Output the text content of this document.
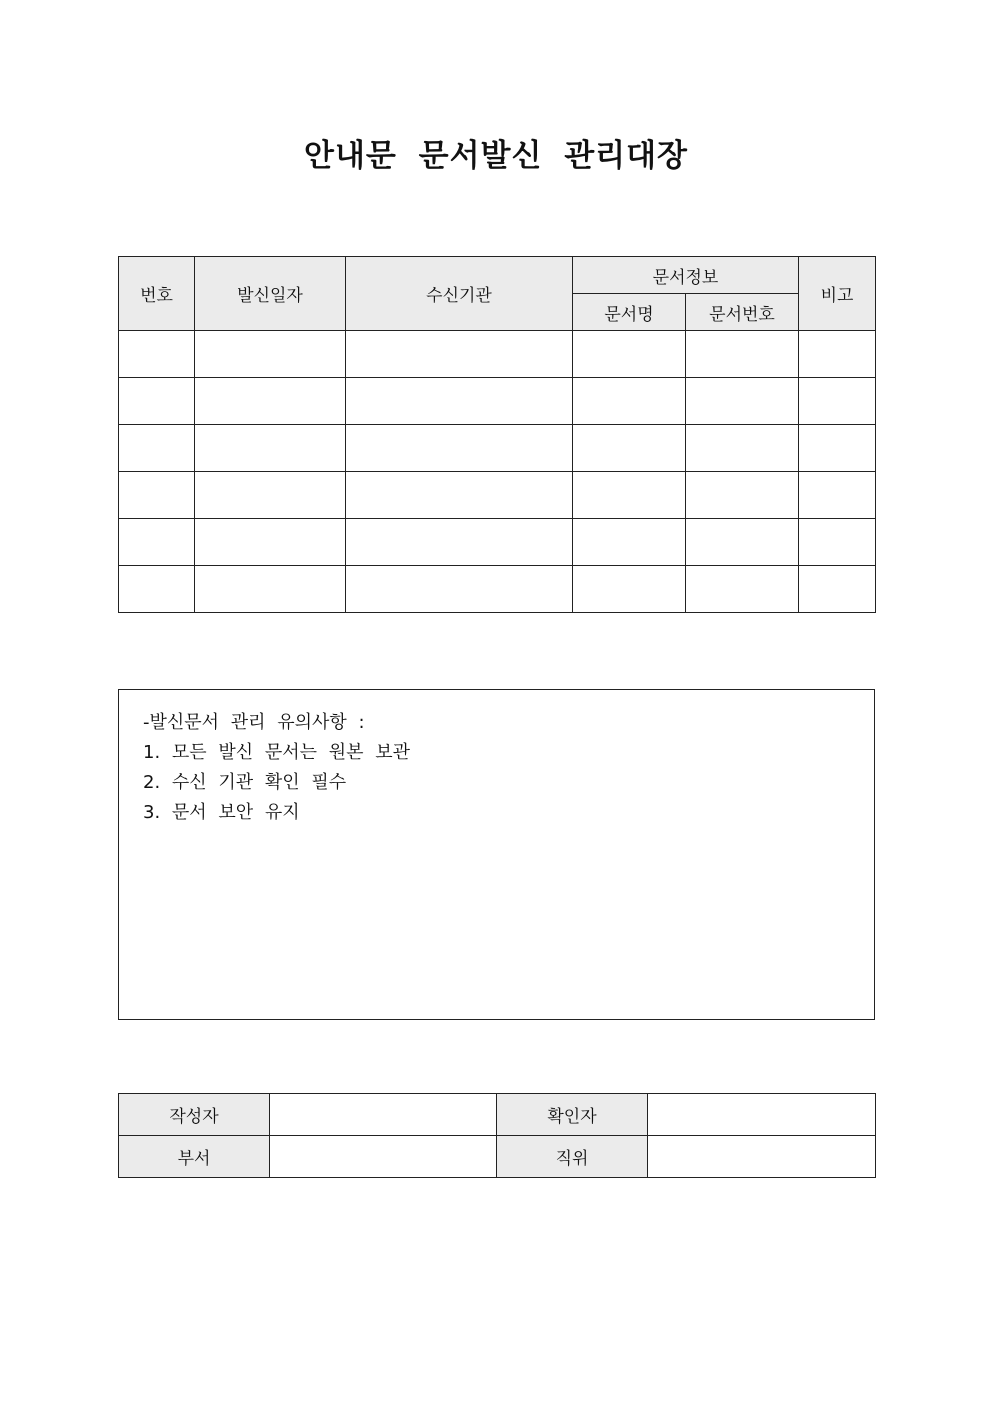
안내문 문서발신 관리대장
번호	발신일자	수신기관	문서정보		비고
			문서명	문서번호	

-발신문서 관리 유의사항 :
1. 모든 발신 문서는 원본 보관
2. 수신 기관 확인 필수
3. 문서 보안 유지
작성자		확인자	
부서		직위	
